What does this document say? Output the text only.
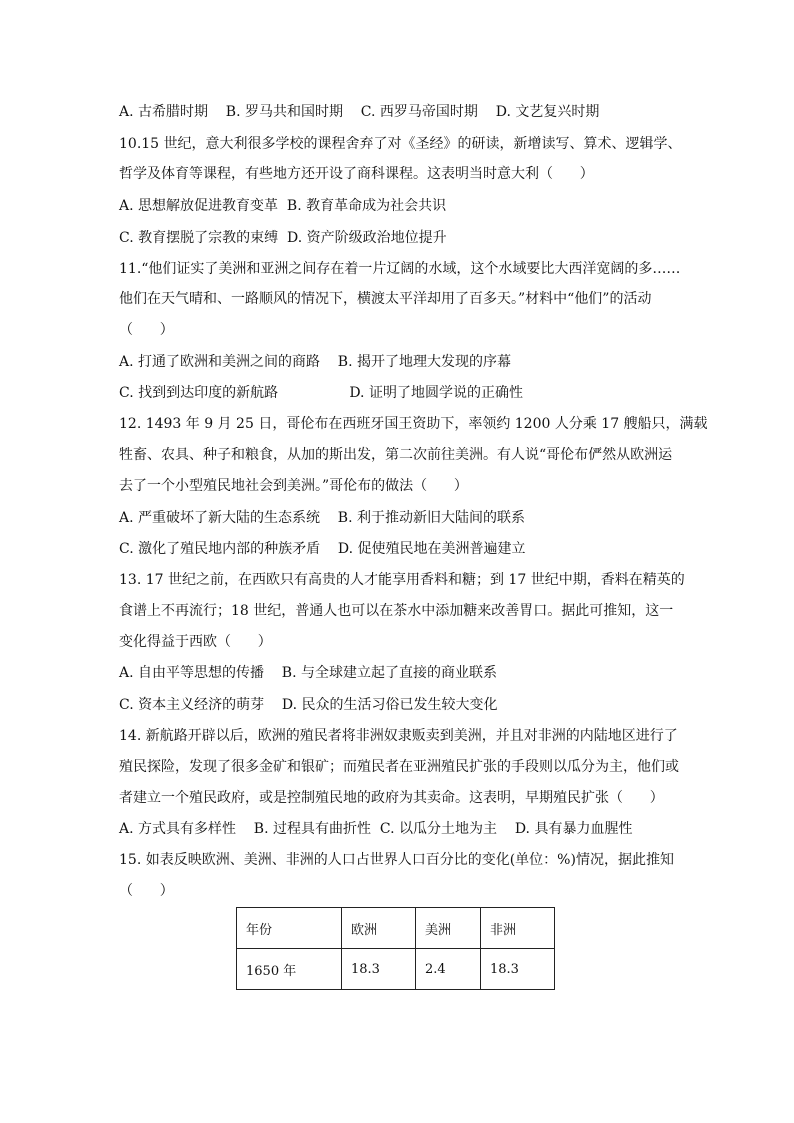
A. 古希腊时期    B. 罗马共和国时期    C. 西罗马帝国时期    D. 文艺复兴时期
10.15 世纪，意大利很多学校的课程舍弃了对《圣经》的研读，新增读写、算术、逻辑学、
哲学及体育等课程，有些地方还开设了商科课程。这表明当时意大利（      ）
A. 思想解放促进教育变革  B. 教育革命成为社会共识
C. 教育摆脱了宗教的束缚  D. 资产阶级政治地位提升
11.“他们证实了美洲和亚洲之间存在着一片辽阔的水域，这个水域要比大西洋宽阔的多……
他们在天气晴和、一路顺风的情况下，横渡太平洋却用了百多天。”材料中“他们”的活动
（      ）
A. 打通了欧洲和美洲之间的商路    B. 揭开了地理大发现的序幕
C. 找到到达印度的新航路                D. 证明了地圆学说的正确性
12. 1493 年 9 月 25 日，哥伦布在西班牙国王资助下，率领约 1200 人分乘 17 艘船只，满载
牲畜、农具、种子和粮食，从加的斯出发，第二次前往美洲。有人说“哥伦布俨然从欧洲运
去了一个小型殖民地社会到美洲。”哥伦布的做法（      ）
A. 严重破坏了新大陆的生态系统    B. 利于推动新旧大陆间的联系
C. 激化了殖民地内部的种族矛盾    D. 促使殖民地在美洲普遍建立
13. 17 世纪之前，在西欧只有高贵的人才能享用香料和糖；到 17 世纪中期，香料在精英的
食谱上不再流行；18 世纪，普通人也可以在茶水中添加糖来改善胃口。据此可推知，这一
变化得益于西欧（      ）
A. 自由平等思想的传播    B. 与全球建立起了直接的商业联系
C. 资本主义经济的萌芽    D. 民众的生活习俗已发生较大变化
14. 新航路开辟以后，欧洲的殖民者将非洲奴隶贩卖到美洲，并且对非洲的内陆地区进行了
殖民探险，发现了很多金矿和银矿；而殖民者在亚洲殖民扩张的手段则以瓜分为主，他们或
者建立一个殖民政府，或是控制殖民地的政府为其卖命。这表明，早期殖民扩张（      ）
A. 方式具有多样性    B. 过程具有曲折性  C. 以瓜分土地为主    D. 具有暴力血腥性
15. 如表反映欧洲、美洲、非洲的人口占世界人口百分比的变化(单位：%)情况，据此推知
（      ）
年份	欧洲	美洲	非洲
1650 年	18.3	2.4	18.3
